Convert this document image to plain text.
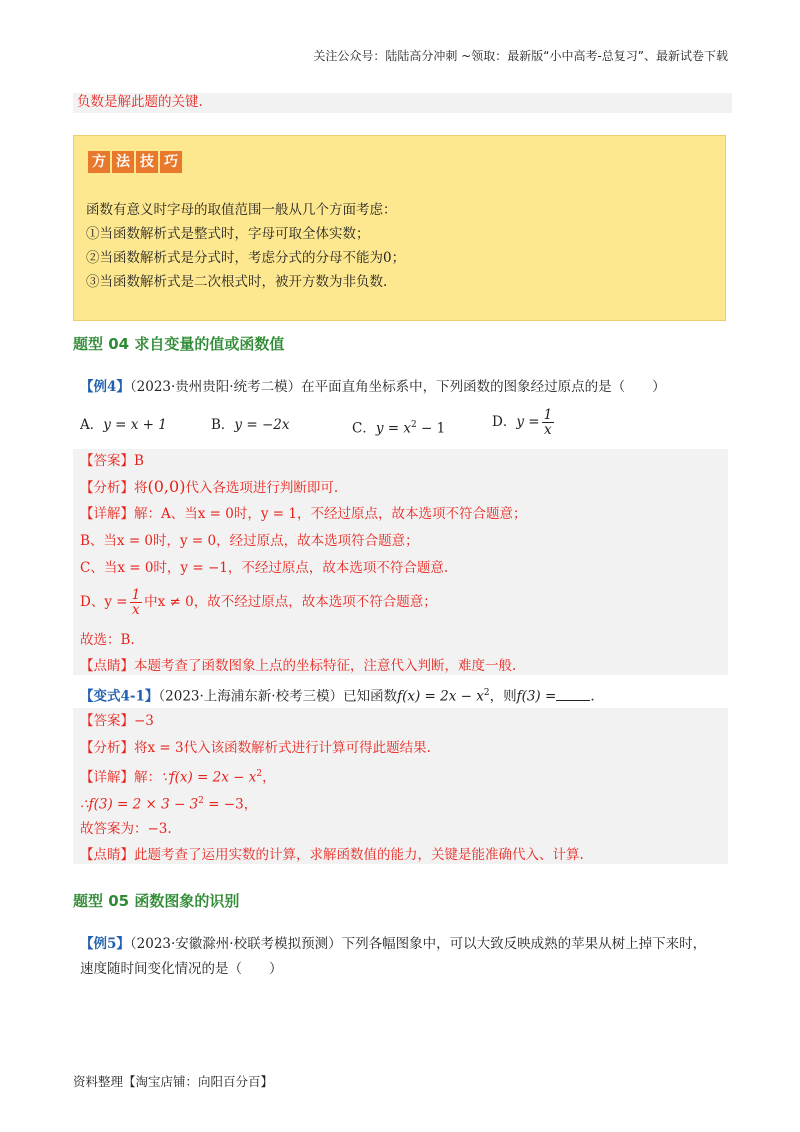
关注公众号：陆陆高分冲刺 ~领取：最新版“小中高考-总复习”、最新试卷下载
负数是解此题的关键.
方 法 技 巧
函数有意义时字母的取值范围一般从几个方面考虑：
①当函数解析式是整式时，字母可取全体实数；
②当函数解析式是分式时，考虑分式的分母不能为0；
③当函数解析式是二次根式时，被开方数为非负数.
题型 04 求自变量的值或函数值
【例4】（2023·贵州贵阳·统考二模）在平面直角坐标系中，下列函数的图象经过原点的是（　　）
A．y = x + 1	B．y = −2x	C．$y = x^2 - 1$	D．$y = \frac{1}{x}$
【答案】B
【分析】将(0,0)代入各选项进行判断即可.
【详解】解：A、当x = 0时，y = 1，不经过原点，故本选项不符合题意；
B、当x = 0时，y = 0，经过原点，故本选项符合题意；
C、当x = 0时，y = −1，不经过原点，故本选项不符合题意.
D、$y = \frac{1}{x}$ 中x ≠ 0，故不经过原点，故本选项不符合题意；
故选：B.
【点睛】本题考查了函数图象上点的坐标特征，注意代入判断，难度一般.
【变式4-1】（2023·上海浦东新·校考三模）已知函数$f(x) = 2x - x^2$，则f(3) =	.
【答案】−3
【分析】将x = 3代入该函数解析式进行计算可得此题结果.
【详解】解：∵f(x) = $2x - x^2$，
∴f(3) = $2 \times 3 - 3^2 = -3$，
故答案为：−3.
【点睛】此题考查了运用实数的计算，求解函数值的能力，关键是能准确代入、计算.
题型 05 函数图象的识别
【例5】（2023·安徽滁州·校联考模拟预测）下列各幅图象中，可以大致反映成熟的苹果从树上掉下来时，
速度随时间变化情况的是（　　）
资料整理【淘宝店铺：向阳百分百】
